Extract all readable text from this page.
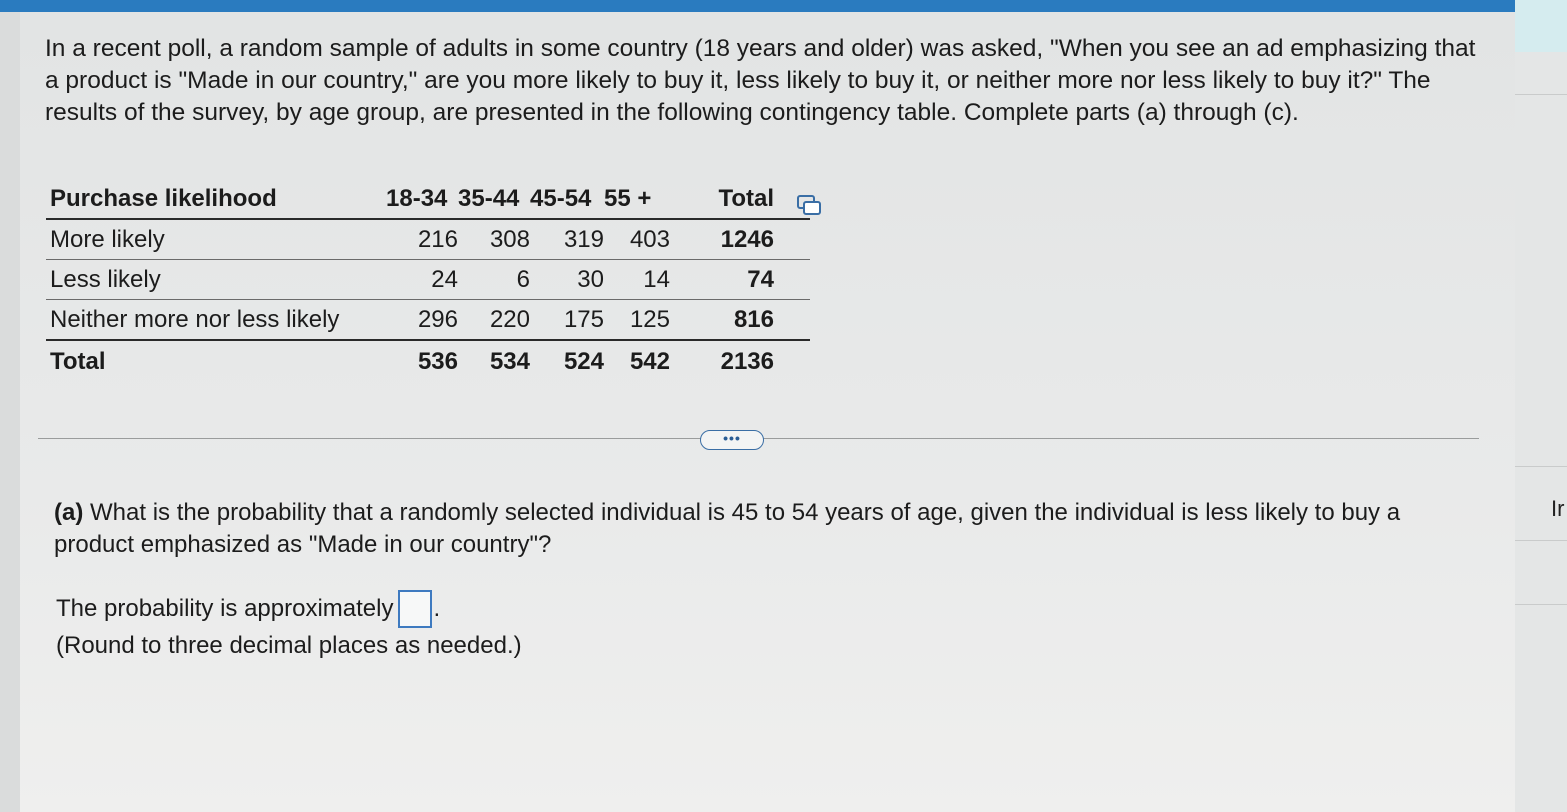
Ir
In a recent poll, a random sample of adults in some country (18 years and older) was asked, "When you see an ad emphasizing that a product is "Made in our country," are you more likely to buy it, less likely to buy it, or neither more nor less likely to buy it?" The results of the survey, by age group, are presented in the following contingency table. Complete parts (a) through (c).
Purchase likelihood	18-34	35-44	45-54	55 +	Total
More likely	216	308	319	403	1246
Less likely	24	6	30	14	74
Neither more nor less likely	296	220	175	125	816
Total	536	534	524	542	2136
•••
(a) What is the probability that a randomly selected individual is 45 to 54 years of age, given the individual is less likely to buy a product emphasized as "Made in our country"?
The probability is approximately .
(Round to three decimal places as needed.)
